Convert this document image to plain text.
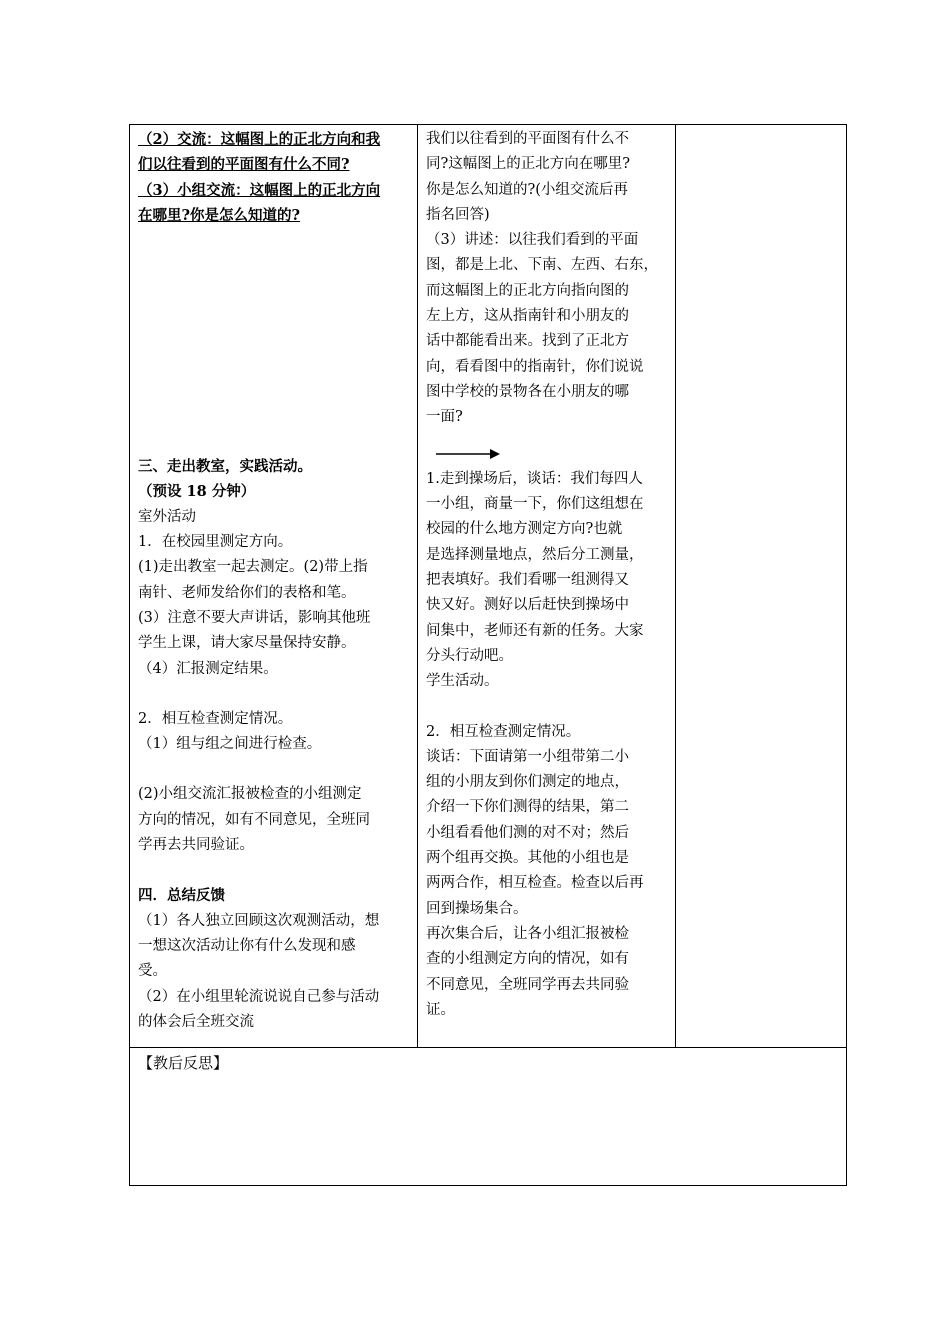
（2）交流：这幅图上的正北方向和我
们以往看到的平面图有什么不同?
（3）小组交流：这幅图上的正北方向
在哪里?你是怎么知道的?
三、走出教室，实践活动。
（预设 18 分钟）
室外活动
1．在校园里测定方向。
(1)走出教室一起去测定。(2)带上指
南针、老师发给你们的表格和笔。
(3）注意不要大声讲话，影响其他班
学生上课，请大家尽量保持安静。
（4）汇报测定结果。
2．相互检查测定情况。
（1）组与组之间进行检查。
(2)小组交流汇报被检查的小组测定
方向的情况，如有不同意见，全班同
学再去共同验证。
四．总结反馈
（1）各人独立回顾这次观测活动，想
一想这次活动让你有什么发现和感
受。
（2）在小组里轮流说说自己参与活动
的体会后全班交流
我们以往看到的平面图有什么不
同?这幅图上的正北方向在哪里?
你是怎么知道的?(小组交流后再
指名回答)
（3）讲述：以往我们看到的平面
图，都是上北、下南、左西、右东，
而这幅图上的正北方向指向图的
左上方，这从指南针和小朋友的
话中都能看出来。找到了正北方
向，看看图中的指南针，你们说说
图中学校的景物各在小朋友的哪
一面?
1.走到操场后，谈话：我们每四人
一小组，商量一下，你们这组想在
校园的什么地方测定方向?也就
是选择测量地点，然后分工测量，
把表填好。我们看哪一组测得又
快又好。测好以后赶快到操场中
间集中，老师还有新的任务。大家
分头行动吧。
学生活动。
2．相互检查测定情况。
谈话：下面请第一小组带第二小
组的小朋友到你们测定的地点，
介绍一下你们测得的结果，第二
小组看看他们测的对不对；然后
两个组再交换。其他的小组也是
两两合作，相互检查。检查以后再
回到操场集合。
再次集合后，让各小组汇报被检
查的小组测定方向的情况，如有
不同意见，全班同学再去共同验
证。
【教后反思】
